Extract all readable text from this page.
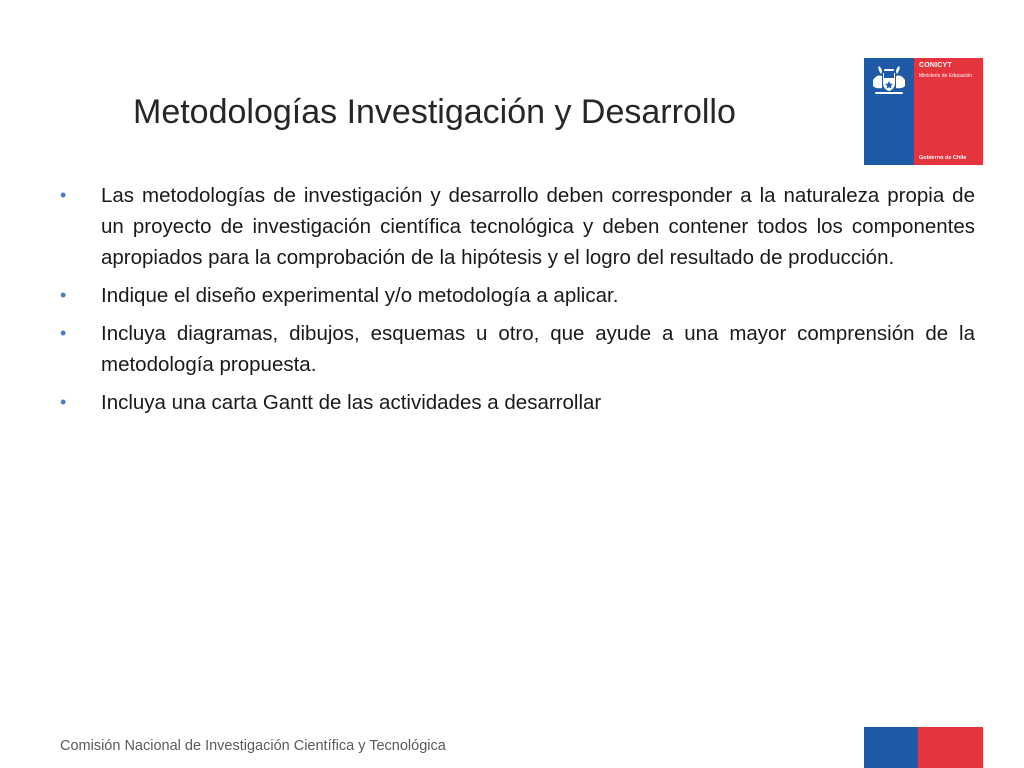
CONICYT
Ministerio de Educación
Gobierno de Chile
Metodologías Investigación y Desarrollo
• Las metodologías de investigación y desarrollo deben corresponder a la naturaleza propia de un proyecto de investigación científica tecnológica y deben contener todos los componentes apropiados para la comprobación de la hipótesis y el logro del resultado de producción.
• Indique el diseño experimental y/o metodología a aplicar.
• Incluya diagramas, dibujos, esquemas u otro, que ayude a una mayor comprensión de la metodología propuesta.
• Incluya una carta Gantt de las actividades a desarrollar
Comisión Nacional de Investigación Científica y Tecnológica
